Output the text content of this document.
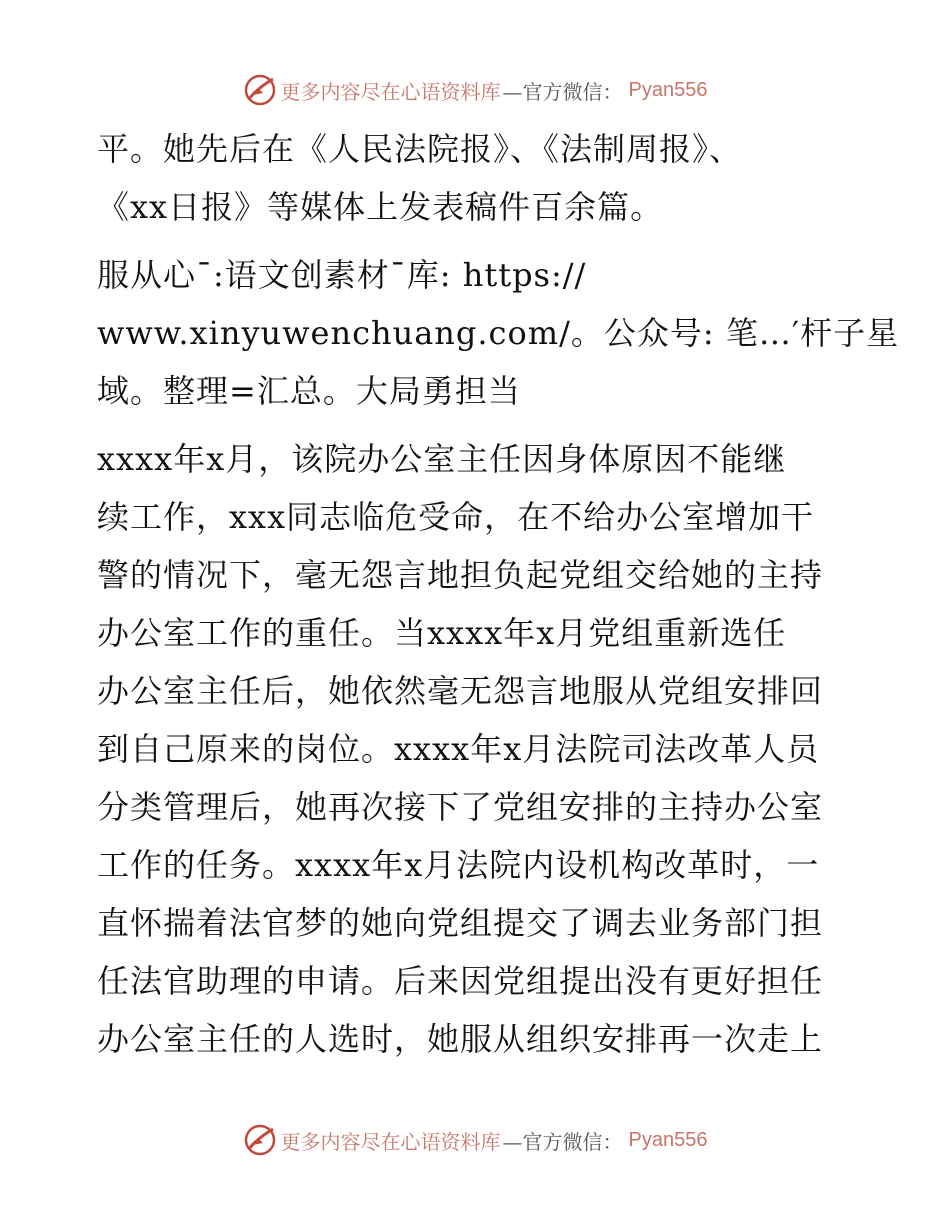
更多内容尽在心语资料库 —官方微信： Pyan556
平。她先后在《人民法院报》、《法制周报》、
《xx日报》等媒体上发表稿件百余篇。
服从心¯:语文创素材¯库: https://
www.xinyuwenchuang.com/。公众号: 笔…′杆子星
域。整理=汇总。大局勇担当
xxxx年x月，该院办公室主任因身体原因不能继
续工作，xxx同志临危受命，在不给办公室增加干
警的情况下，毫无怨言地担负起党组交给她的主持
办公室工作的重任。当xxxx年x月党组重新选任
办公室主任后，她依然毫无怨言地服从党组安排回
到自己原来的岗位。xxxx年x月法院司法改革人员
分类管理后，她再次接下了党组安排的主持办公室
工作的任务。xxxx年x月法院内设机构改革时，一
直怀揣着法官梦的她向党组提交了调去业务部门担
任法官助理的申请。后来因党组提出没有更好担任
办公室主任的人选时，她服从组织安排再一次走上
更多内容尽在心语资料库 —官方微信： Pyan556
